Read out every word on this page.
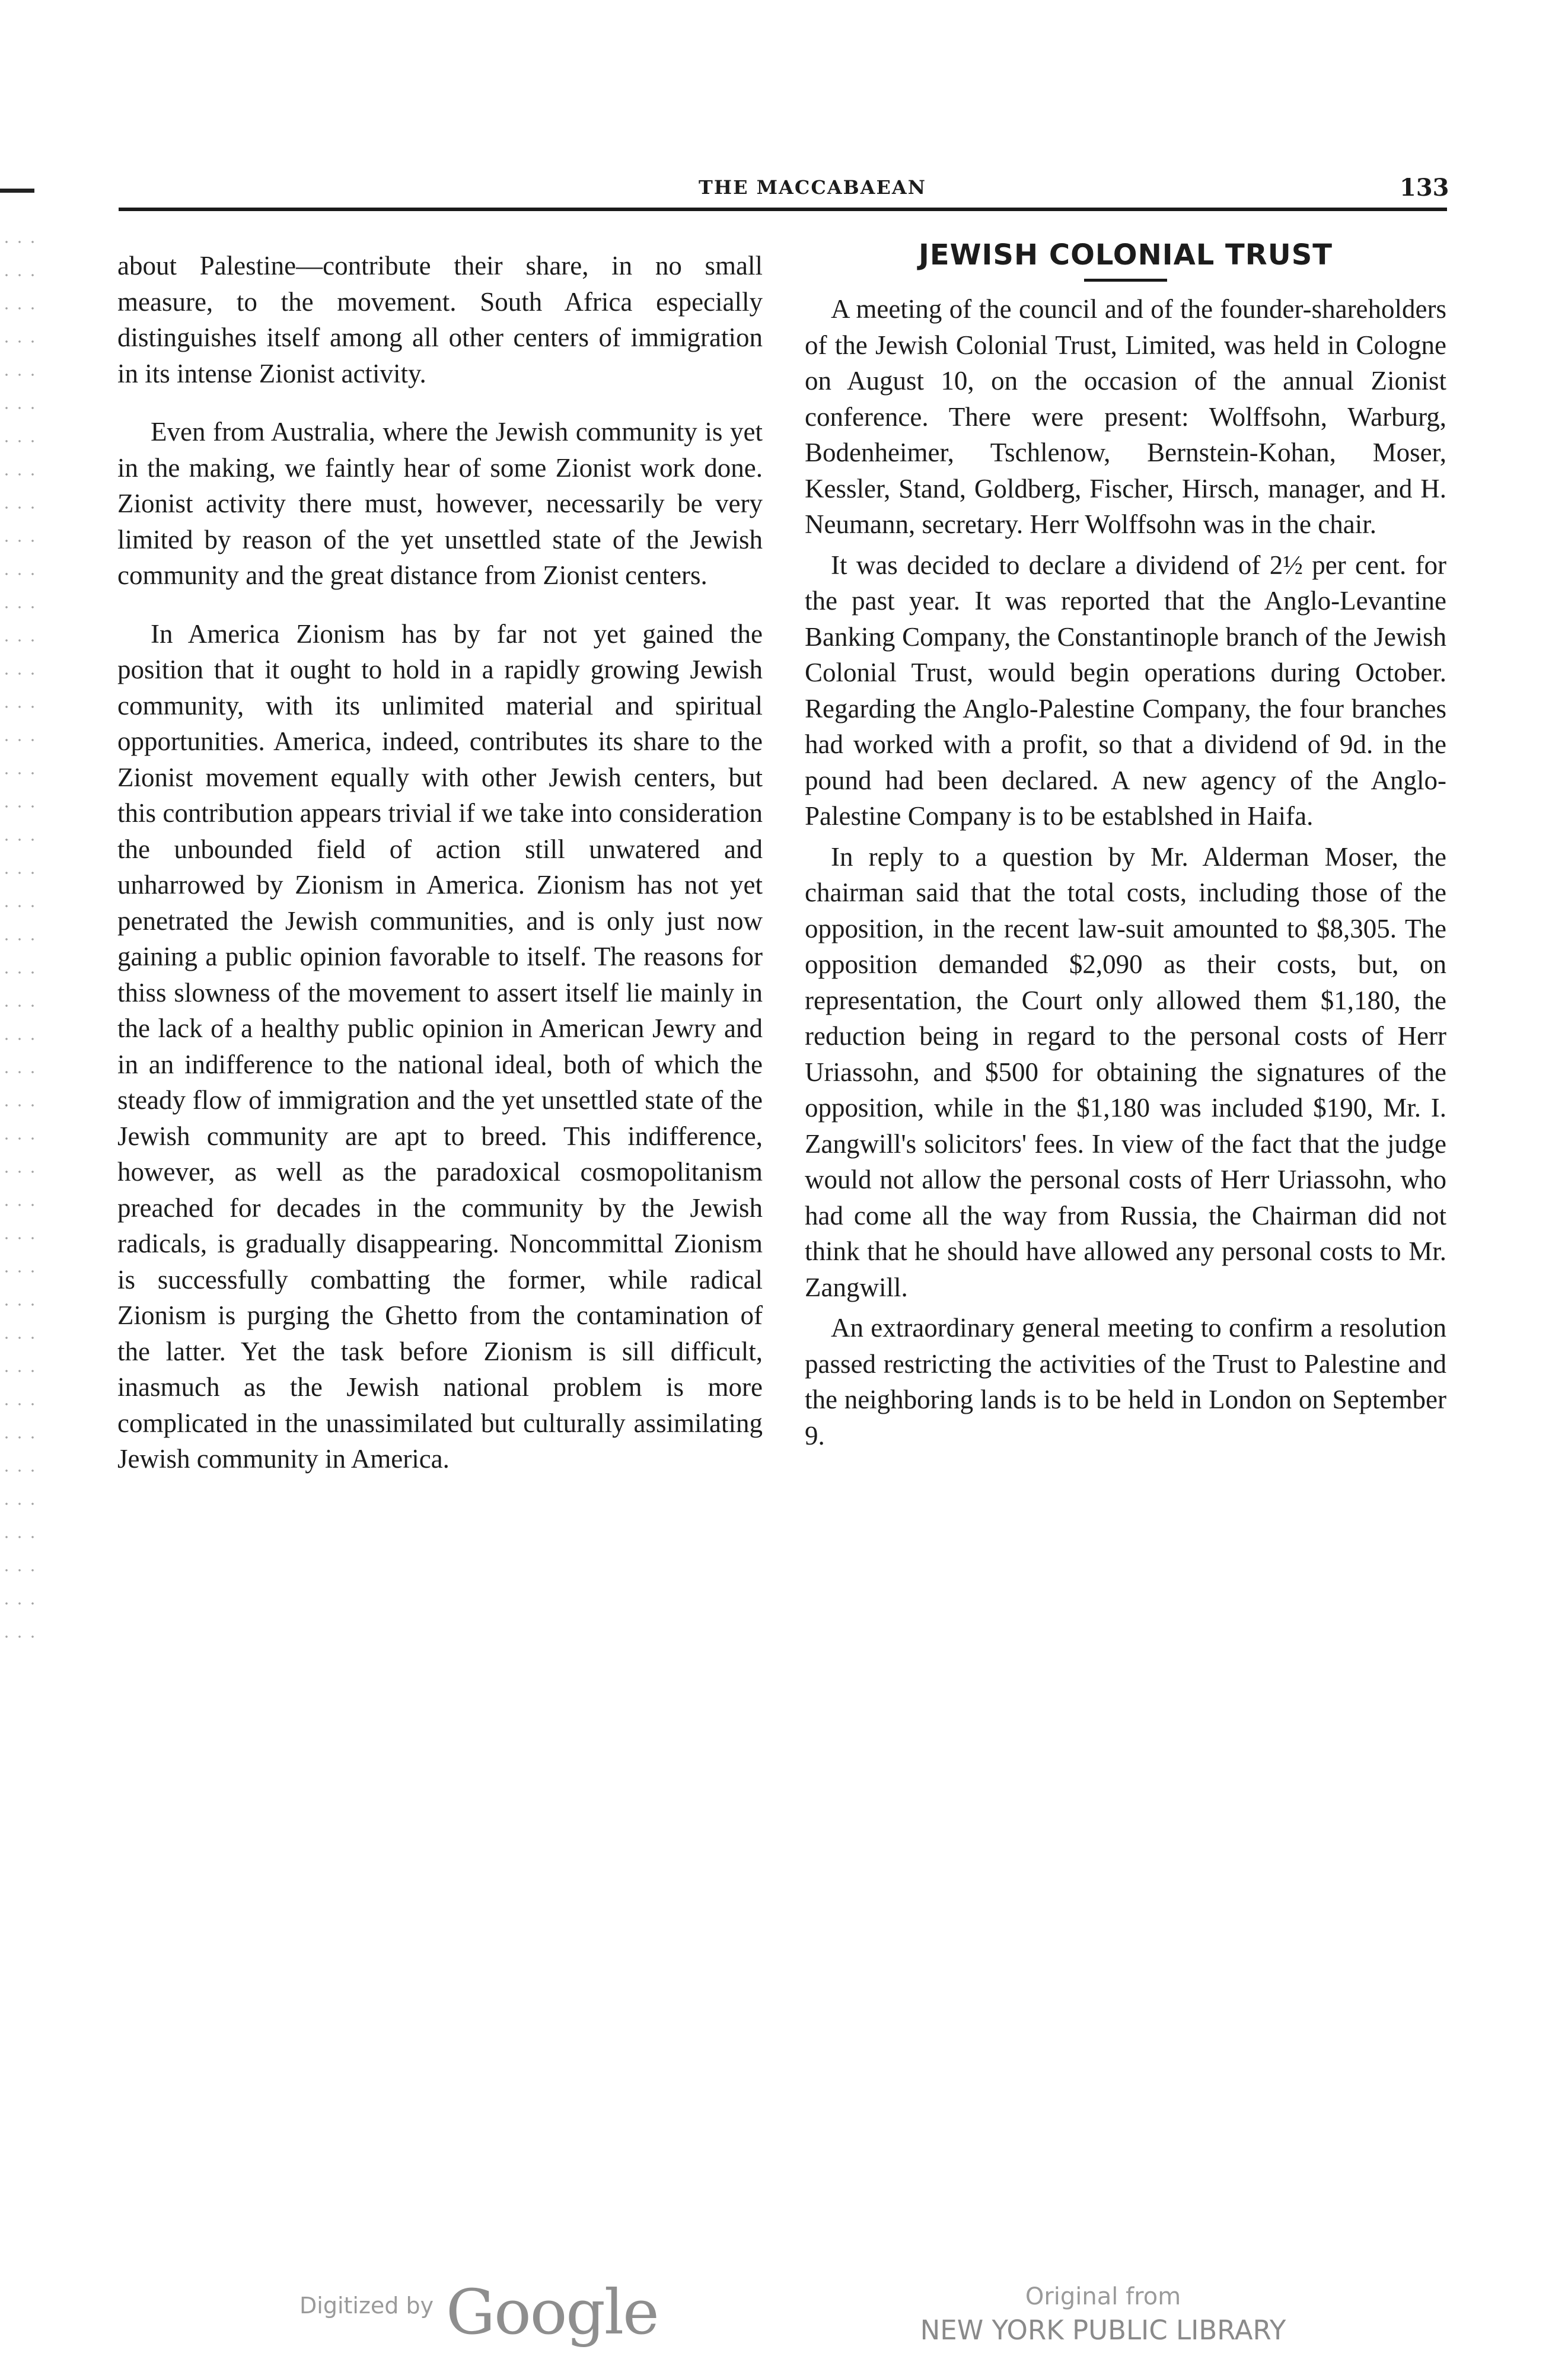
THE MACCABAEAN	133

about Palestine—contribute their share, in no small measure, to the movement. South Africa especially distinguishes itself among all other centers of immigration in its intense Zionist activity.

Even from Australia, where the Jewish community is yet in the making, we faintly hear of some Zionist work done. Zionist activity there must, however, necessarily be very limited by reason of the yet unsettled state of the Jewish community and the great distance from Zionist centers.

In America Zionism has by far not yet gained the position that it ought to hold in a rapidly growing Jewish community, with its unlimited material and spiritual opportunities. America, indeed, contributes its share to the Zionist movement equally with other Jewish centers, but this contribution appears trivial if we take into consideration the unbounded field of action still unwatered and unharrowed by Zionism in America. Zionism has not yet penetrated the Jewish communities, and is only just now gaining a public opinion favorable to itself. The reasons for thiss slowness of the movement to assert itself lie mainly in the lack of a healthy public opinion in American Jewry and in an indifference to the national ideal, both of which the steady flow of immigration and the yet unsettled state of the Jewish community are apt to breed. This indifference, however, as well as the paradoxical cosmopolitanism preached for decades in the community by the Jewish radicals, is gradually disappearing. Noncommittal Zionism is successfully combatting the former, while radical Zionism is purging the Ghetto from the contamination of the latter. Yet the task before Zionism is sill difficult, inasmuch as the Jewish national problem is more complicated in the unassimilated but culturally assimilating Jewish community in America.

JEWISH COLONIAL TRUST

A meeting of the council and of the founder-shareholders of the Jewish Colonial Trust, Limited, was held in Cologne on August 10, on the occasion of the annual Zionist conference. There were present: Wolffsohn, Warburg, Bodenheimer, Tschlenow, Bernstein-Kohan, Moser, Kessler, Stand, Goldberg, Fischer, Hirsch, manager, and H. Neumann, secretary. Herr Wolffsohn was in the chair.

It was decided to declare a dividend of 2½ per cent. for the past year. It was reported that the Anglo-Levantine Banking Company, the Constantinople branch of the Jewish Colonial Trust, would begin operations during October. Regarding the Anglo-Palestine Company, the four branches had worked with a profit, so that a dividend of 9d. in the pound had been declared. A new agency of the Anglo-Palestine Company is to be establshed in Haifa.

In reply to a question by Mr. Alderman Moser, the chairman said that the total costs, including those of the opposition, in the recent law-suit amounted to $8,305. The opposition demanded $2,090 as their costs, but, on representation, the Court only allowed them $1,180, the reduction being in regard to the personal costs of Herr Uriassohn, and $500 for obtaining the signatures of the opposition, while in the $1,180 was included $190, Mr. I. Zangwill's solicitors' fees. In view of the fact that the judge would not allow the personal costs of Herr Uriassohn, who had come all the way from Russia, the Chairman did not think that he should have allowed any personal costs to Mr. Zangwill.

An extraordinary general meeting to confirm a resolution passed restricting the activities of the Trust to Palestine and the neighboring lands is to be held in London on September 9.

Digitized by Google	Original from
NEW YORK PUBLIC LIBRARY
